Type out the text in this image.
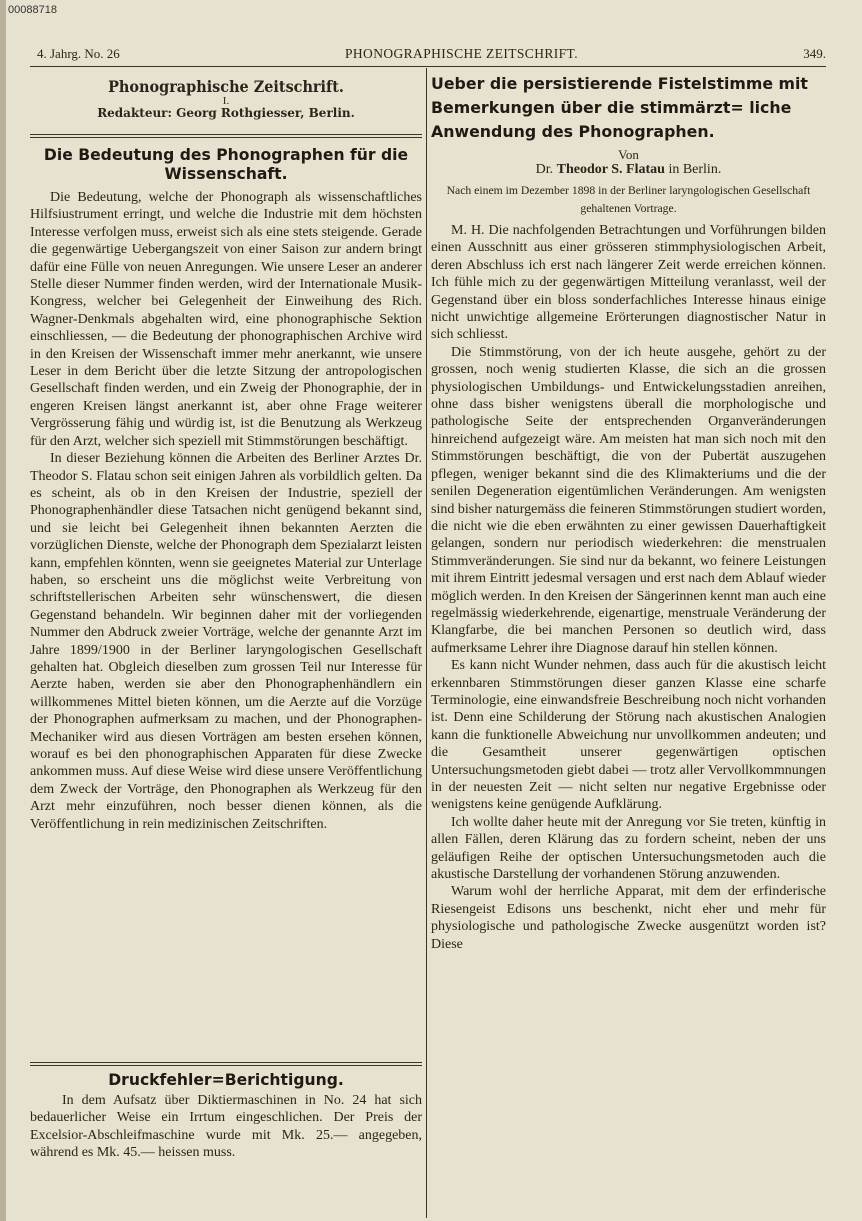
00088718
4. Jahrg. No. 26	PHONOGRAPHISCHE ZEITSCHRIFT.	349.
Phonographische Zeitschrift.
I.
Redakteur: Georg Rothgiesser, Berlin.
Die Bedeutung des Phonographen für die Wissenschaft.

Die Bedeutung, welche der Phonograph als wissenschaftliches Hilfsiustrument erringt, und welche die Industrie mit dem höchsten Interesse verfolgen muss, erweist sich als eine stets steigende. Gerade die gegenwärtige Uebergangszeit von einer Saison zur andern bringt dafür eine Fülle von neuen Anregungen. Wie unsere Leser an anderer Stelle dieser Nummer finden werden, wird der Internationale Musik-Kongress, welcher bei Gelegenheit der Einweihung des Rich. Wagner-Denkmals abgehalten wird, eine phonographische Sektion einschliessen, — die Bedeutung der phonographischen Archive wird in den Kreisen der Wissenschaft immer mehr anerkannt, wie unsere Leser in dem Bericht über die letzte Sitzung der antropologischen Gesellschaft finden werden, und ein Zweig der Phonographie, der in engeren Kreisen längst anerkannt ist, aber ohne Frage weiterer Vergrösserung fähig und würdig ist, ist die Benutzung als Werkzeug für den Arzt, welcher sich speziell mit Stimmstörungen beschäftigt.

In dieser Beziehung können die Arbeiten des Berliner Arztes Dr. Theodor S. Flatau schon seit einigen Jahren als vorbildlich gelten. Da es scheint, als ob in den Kreisen der Industrie, speziell der Phonographenhändler diese Tatsachen nicht genügend bekannt sind, und sie leicht bei Gelegenheit ihnen bekannten Aerzten die vorzüglichen Dienste, welche der Phonograph dem Spezialarzt leisten kann, empfehlen könnten, wenn sie geeignetes Material zur Unterlage haben, so erscheint uns die möglichst weite Verbreitung von schriftstellerischen Arbeiten sehr wünschenswert, die diesen Gegenstand behandeln. Wir beginnen daher mit der vorliegenden Nummer den Abdruck zweier Vorträge, welche der genannte Arzt im Jahre 1899/1900 in der Berliner laryngologischen Gesellschaft gehalten hat. Obgleich dieselben zum grossen Teil nur Interesse für Aerzte haben, werden sie aber den Phonographenhändlern ein willkommenes Mittel bieten können, um die Aerzte auf die Vorzüge der Phonographen aufmerksam zu machen, und der Phonographen-Mechaniker wird aus diesen Vorträgen am besten ersehen können, worauf es bei den phonographischen Apparaten für diese Zwecke ankommen muss. Auf diese Weise wird diese unsere Veröffentlichung dem Zweck der Vorträge, den Phonographen als Werkzeug für den Arzt mehr einzuführen, noch besser dienen können, als die Veröffentlichung in rein medizinischen Zeitschriften.

Druckfehler=Berichtigung.

In dem Aufsatz über Diktiermaschinen in No. 24 hat sich bedauerlicher Weise ein Irrtum eingeschlichen. Der Preis der Excelsior-Abschleifmaschine wurde mit Mk. 25.— angegeben, während es Mk. 45.— heissen muss.

Ueber die persistierende Fistelstimme mit Bemerkungen über die stimmärzt= liche Anwendung des Phonographen.
Von
Dr. Theodor S. Flatau in Berlin.
Nach einem im Dezember 1898 in der Berliner laryngologischen Gesellschaft gehaltenen Vortrage.

M. H. Die nachfolgenden Betrachtungen und Vorführungen bilden einen Ausschnitt aus einer grösseren stimmphysiologischen Arbeit, deren Abschluss ich erst nach längerer Zeit werde erreichen können. Ich fühle mich zu der gegenwärtigen Mitteilung veranlasst, weil der Gegenstand über ein bloss sonderfachliches Interesse hinaus einige nicht unwichtige allgemeine Erörterungen diagnostischer Natur in sich schliesst.

Die Stimmstörung, von der ich heute ausgehe, gehört zu der grossen, noch wenig studierten Klasse, die sich an die grossen physiologischen Umbildungs- und Entwickelungsstadien anreihen, ohne dass bisher wenigstens überall die morphologische und pathologische Seite der entsprechenden Organveränderungen hinreichend aufgezeigt wäre. Am meisten hat man sich noch mit den Stimmstörungen beschäftigt, die von der Pubertät auszugehen pflegen, weniger bekannt sind die des Klimakteriums und die der senilen Degeneration eigentümlichen Veränderungen. Am wenigsten sind bisher naturgemäss die feineren Stimmstörungen studiert worden, die nicht wie die eben erwähnten zu einer gewissen Dauerhaftigkeit gelangen, sondern nur periodisch wiederkehren: die menstrualen Stimmveränderungen. Sie sind nur da bekannt, wo feinere Leistungen mit ihrem Eintritt jedesmal versagen und erst nach dem Ablauf wieder möglich werden. In den Kreisen der Sängerinnen kennt man auch eine regelmässig wiederkehrende, eigenartige, menstruale Veränderung der Klangfarbe, die bei manchen Personen so deutlich wird, dass aufmerksame Lehrer ihre Diagnose darauf hin stellen können.

Es kann nicht Wunder nehmen, dass auch für die akustisch leicht erkennbaren Stimmstörungen dieser ganzen Klasse eine scharfe Terminologie, eine einwandsfreie Beschreibung noch nicht vorhanden ist. Denn eine Schilderung der Störung nach akustischen Analogien kann die funktionelle Abweichung nur unvollkommen andeuten; und die Gesamtheit unserer gegenwärtigen optischen Untersuchungsmetoden giebt dabei — trotz aller Vervollkommnungen in der neuesten Zeit — nicht selten nur negative Ergebnisse oder wenigstens keine genügende Aufklärung.

Ich wollte daher heute mit der Anregung vor Sie treten, künftig in allen Fällen, deren Klärung das zu fordern scheint, neben der uns geläufigen Reihe der optischen Untersuchungsmetoden auch die akustische Darstellung der vorhandenen Störung anzuwenden.

Warum wohl der herrliche Apparat, mit dem der erfinderische Riesengeist Edisons uns beschenkt, nicht eher und mehr für physiologische und pathologische Zwecke ausgenützt worden ist? Diese
